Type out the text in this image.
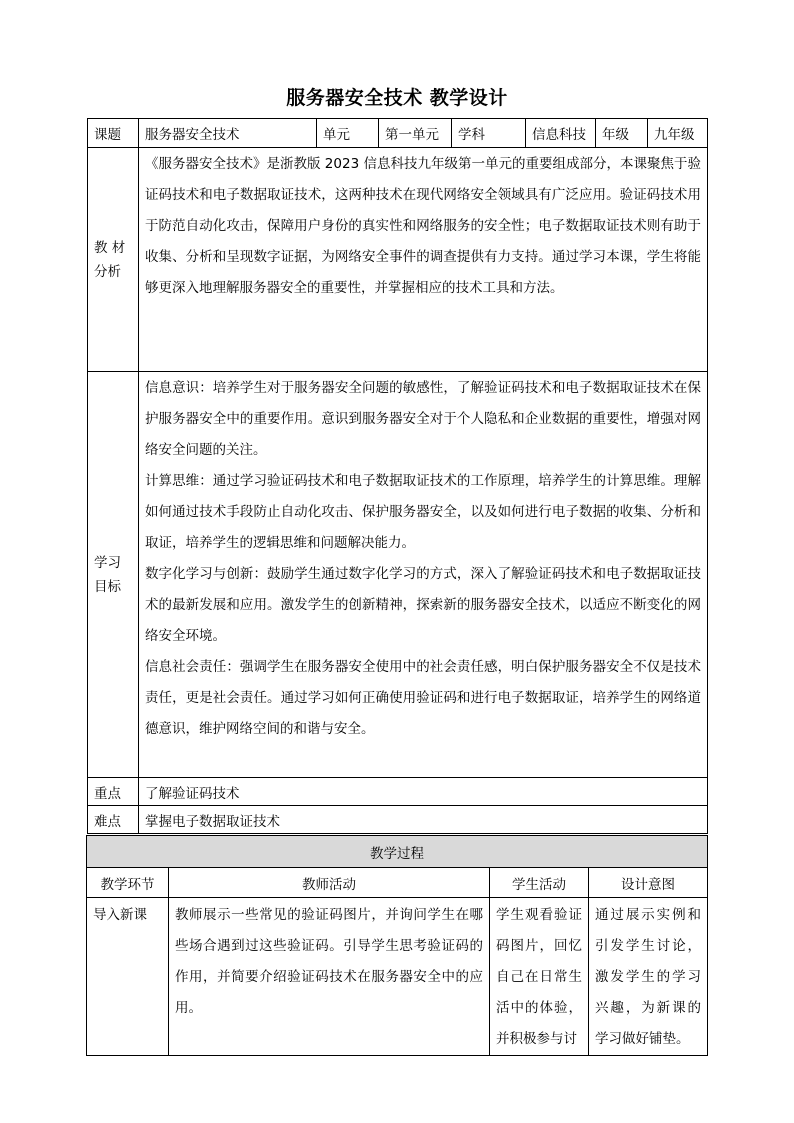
服务器安全技术 教学设计
课题	服务器安全技术	单元	第一单元	学科	信息科技	年级	九年级
教 材 分析	《服务器安全技术》是浙教版 2023 信息科技九年级第一单元的重要组成部分，本课聚焦于验证码技术和电子数据取证技术，这两种技术在现代网络安全领域具有广泛应用。验证码技术用于防范自动化攻击，保障用户身份的真实性和网络服务的安全性；电子数据取证技术则有助于收集、分析和呈现数字证据，为网络安全事件的调查提供有力支持。通过学习本课，学生将能够更深入地理解服务器安全的重要性，并掌握相应的技术工具和方法。						

学习 目标	信息意识：培养学生对于服务器安全问题的敏感性，了解验证码技术和电子数据取证技术在保护服务器安全中的重要作用。意识到服务器安全对于个人隐私和企业数据的重要性，增强对网络安全问题的关注。

计算思维：通过学习验证码技术和电子数据取证技术的工作原理，培养学生的计算思维。理解如何通过技术手段防止自动化攻击、保护服务器安全，以及如何进行电子数据的收集、分析和取证，培养学生的逻辑思维和问题解决能力。

数字化学习与创新：鼓励学生通过数字化学习的方式，深入了解验证码技术和电子数据取证技术的最新发展和应用。激发学生的创新精神，探索新的服务器安全技术，以适应不断变化的网络安全环境。

信息社会责任：强调学生在服务器安全使用中的社会责任感，明白保护服务器安全不仅是技术责任，更是社会责任。通过学习如何正确使用验证码和进行电子数据取证，培养学生的网络道德意识，维护网络空间的和谐与安全。						

重点	了解验证码技术						
难点	掌握电子数据取证技术						
教学过程			
教学环节	教师活动	学生活动	设计意图
导入新课	教师展示一些常见的验证码图片，并询问学生在哪些场合遇到过这些验证码。引导学生思考验证码的作用，并简要介绍验证码技术在服务器安全中的应用。	学生观看验证码图片，回忆自己在日常生活中的体验，并积极参与讨	通过展示实例和引发学生讨论，激发学生的学习兴趣，为新课的学习做好铺垫。
